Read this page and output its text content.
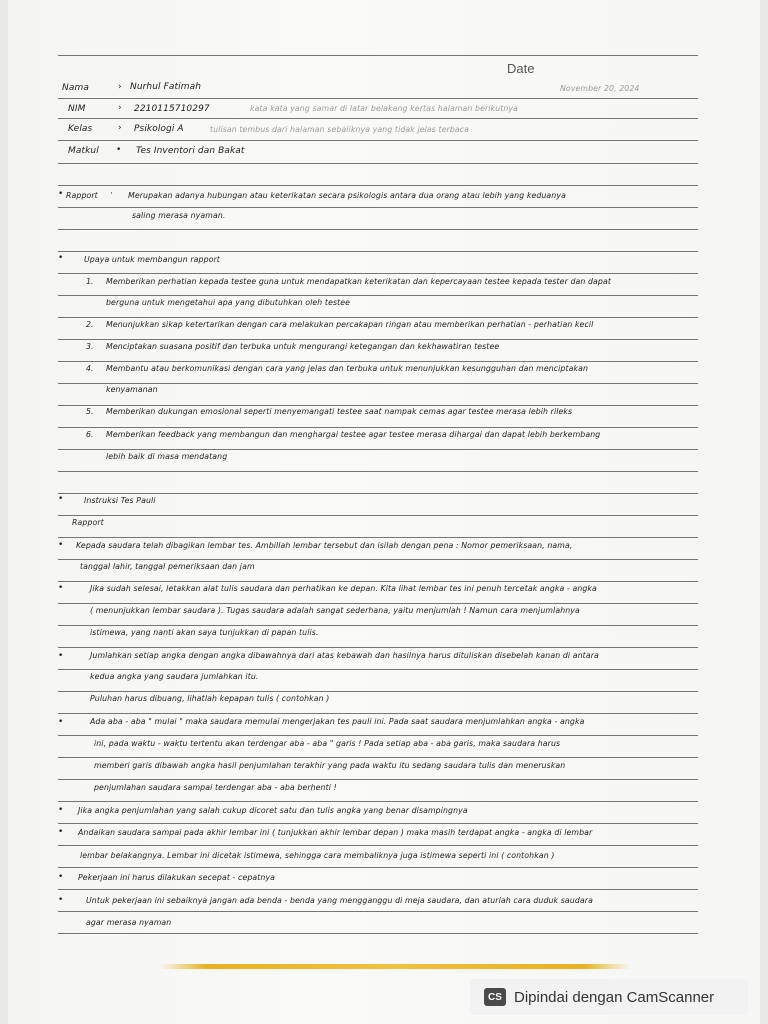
Date
Nama	› Nurhul Fatimah	November 20, 2024
NIM	› 2210115710297	kata kata yang samar di latar belakang kertas halaman berikutnya
Kelas	› Psikologi A	tulisan tembus dari halaman sebaliknya yang tidak jelas terbaca
Matkul • Tes Inventori dan Bakat
• Rapport · Merupakan adanya hubungan atau keterikatan secara psikologis antara dua orang atau lebih yang keduanya
saling merasa nyaman.
•	Upaya untuk membangun rapport
1. Memberikan perhatian kepada testee guna untuk mendapatkan keterikatan dan kepercayaan testee kepada tester dan dapat
berguna untuk mengetahui apa yang dibutuhkan oleh testee
2. Menunjukkan sikap ketertarikan dengan cara melakukan percakapan ringan atau memberikan perhatian - perhatian kecil
3. Menciptakan suasana positif dan terbuka untuk mengurangi ketegangan dan kekhawatiran testee
4. Membantu atau berkomunikasi dengan cara yang jelas dan terbuka untuk menunjukkan kesungguhan dan menciptakan
kenyamanan
5. Memberikan dukungan emosional seperti menyemangati testee saat nampak cemas agar testee merasa lebih rileks
6. Memberikan feedback yang membangun dan menghargai testee agar testee merasa dihargai dan dapat lebih berkembang
lebih baik di masa mendatang
•	Instruksi Tes Pauli
Rapport
• Kepada saudara telah dibagikan lembar tes. Ambillah lembar tersebut dan isilah dengan pena : Nomor pemeriksaan, nama,
tanggal lahir, tanggal pemeriksaan dan jam
•	Jika sudah selesai, letakkan alat tulis saudara dan perhatikan ke depan. Kita lihat lembar tes ini penuh tercetak angka - angka
( menunjukkan lembar saudara ). Tugas saudara adalah sangat sederhana, yaitu menjumlah ! Namun cara menjumlahnya
istimewa, yang nanti akan saya tunjukkan di papan tulis.
•	Jumlahkan setiap angka dengan angka dibawahnya dari atas kebawah dan hasilnya harus dituliskan disebelah kanan di antara
kedua angka yang saudara jumlahkan itu.
Puluhan harus dibuang, lihatlah kepapan tulis ( contohkan )
•	Ada aba - aba " mulai " maka saudara memulai mengerjakan tes pauli ini. Pada saat saudara menjumlahkan angka - angka
ini, pada waktu - waktu tertentu akan terdengar aba - aba " garis ! Pada setiap aba - aba garis, maka saudara harus
memberi garis dibawah angka hasil penjumlahan terakhir yang pada waktu itu sedang saudara tulis dan meneruskan
penjumlahan saudara sampai terdengar aba - aba berhenti !
• Jika angka penjumlahan yang salah cukup dicoret satu dan tulis angka yang benar disampingnya
• Andaikan saudara sampai pada akhir lembar ini ( tunjukkan akhir lembar depan ) maka masih terdapat angka - angka di lembar
lembar belakangnya. Lembar ini dicetak istimewa, sehingga cara membaliknya juga istimewa seperti ini ( contohkan )
• Pekerjaan ini harus dilakukan secepat - cepatnya
•	Untuk pekerjaan ini sebaiknya jangan ada benda - benda yang mengganggu di meja saudara, dan aturlah cara duduk saudara
agar merasa nyaman
CS Dipindai dengan CamScanner
